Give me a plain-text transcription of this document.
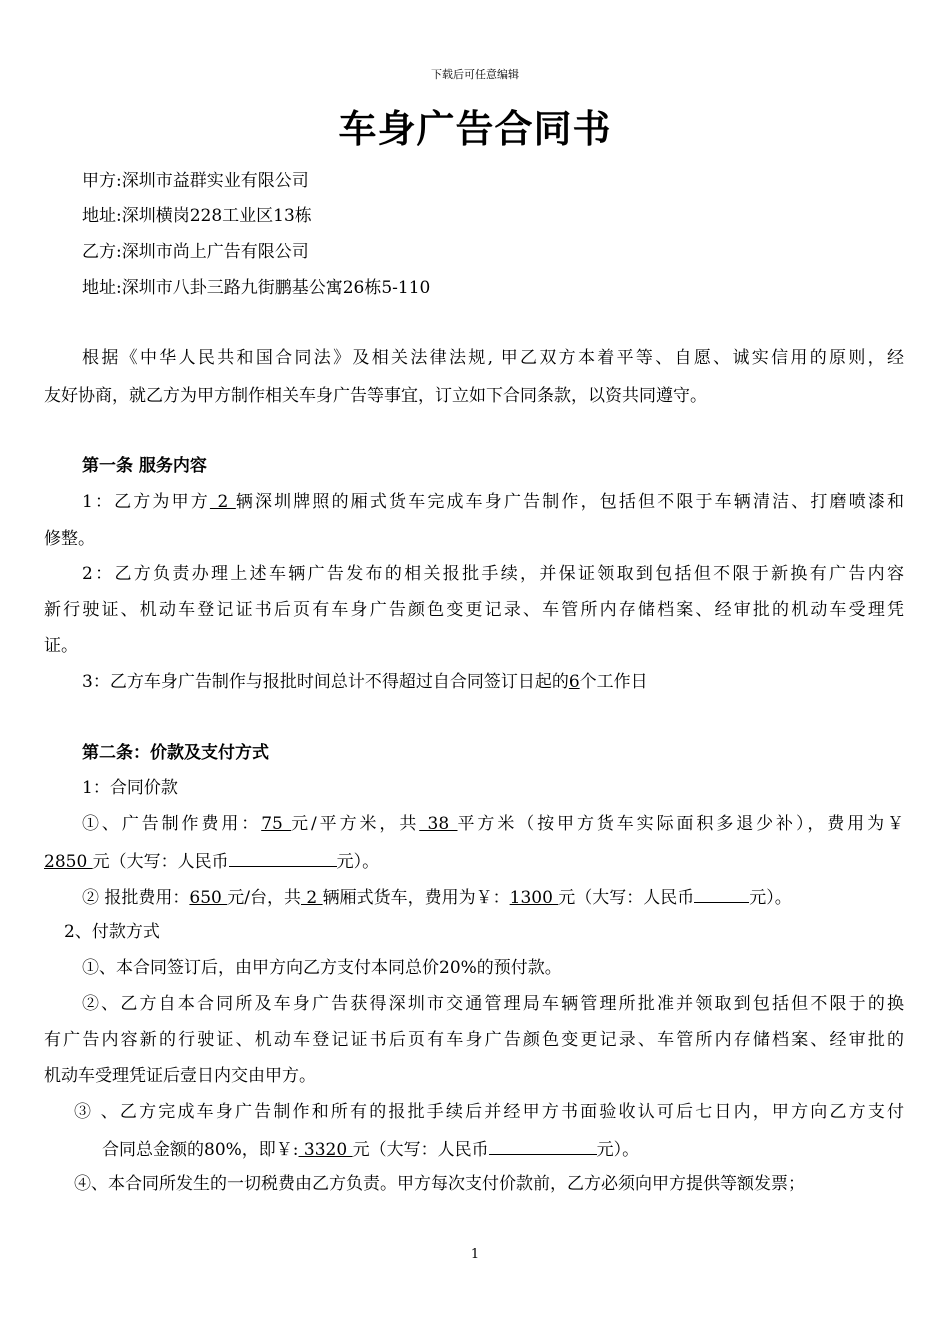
下载后可任意编辑
车身广告合同书
甲方:深圳市益群实业有限公司
地址:深圳横岗228工业区13栋
乙方:深圳市尚上广告有限公司
地址:深圳市八卦三路九街鹏基公寓26栋5-110
根据《中华人民共和国合同法》及相关法律法规, 甲乙双方本着平等、自愿、诚实信用的原则，经
友好协商，就乙方为甲方制作相关车身广告等事宜，订立如下合同条款，以资共同遵守。
第一条 服务内容
1：乙方为甲方 2 辆深圳牌照的厢式货车完成车身广告制作，包括但不限于车辆清洁、打磨喷漆和
修整。
2：乙方负责办理上述车辆广告发布的相关报批手续，并保证领取到包括但不限于新换有广告内容
新行驶证、机动车登记证书后页有车身广告颜色变更记录、车管所内存储档案、经审批的机动车受理凭
证。
3：乙方车身广告制作与报批时间总计不得超过自合同签订日起的6个工作日
第二条：价款及支付方式
1：合同价款
①、广告制作费用：75 元/平方米，共 38 平方米（按甲方货车实际面积多退少补），费用为￥
2850 元（大写：人民币	元）。
② 报批费用：650 元/台，共 2 辆厢式货车，费用为￥：1300 元（大写：人民币	元）。
2、付款方式
①、本合同签订后，由甲方向乙方支付本同总价20%的预付款。
②、乙方自本合同所及车身广告获得深圳市交通管理局车辆管理所批准并领取到包括但不限于的换
有广告内容新的行驶证、机动车登记证书后页有车身广告颜色变更记录、车管所内存储档案、经审批的
机动车受理凭证后壹日内交由甲方。
③ 、乙方完成车身广告制作和所有的报批手续后并经甲方书面验收认可后七日内，甲方向乙方支付
合同总金额的80%，即￥: 3320 元（大写：人民币	元）。
④、本合同所发生的一切税费由乙方负责。甲方每次支付价款前，乙方必须向甲方提供等额发票；
1
